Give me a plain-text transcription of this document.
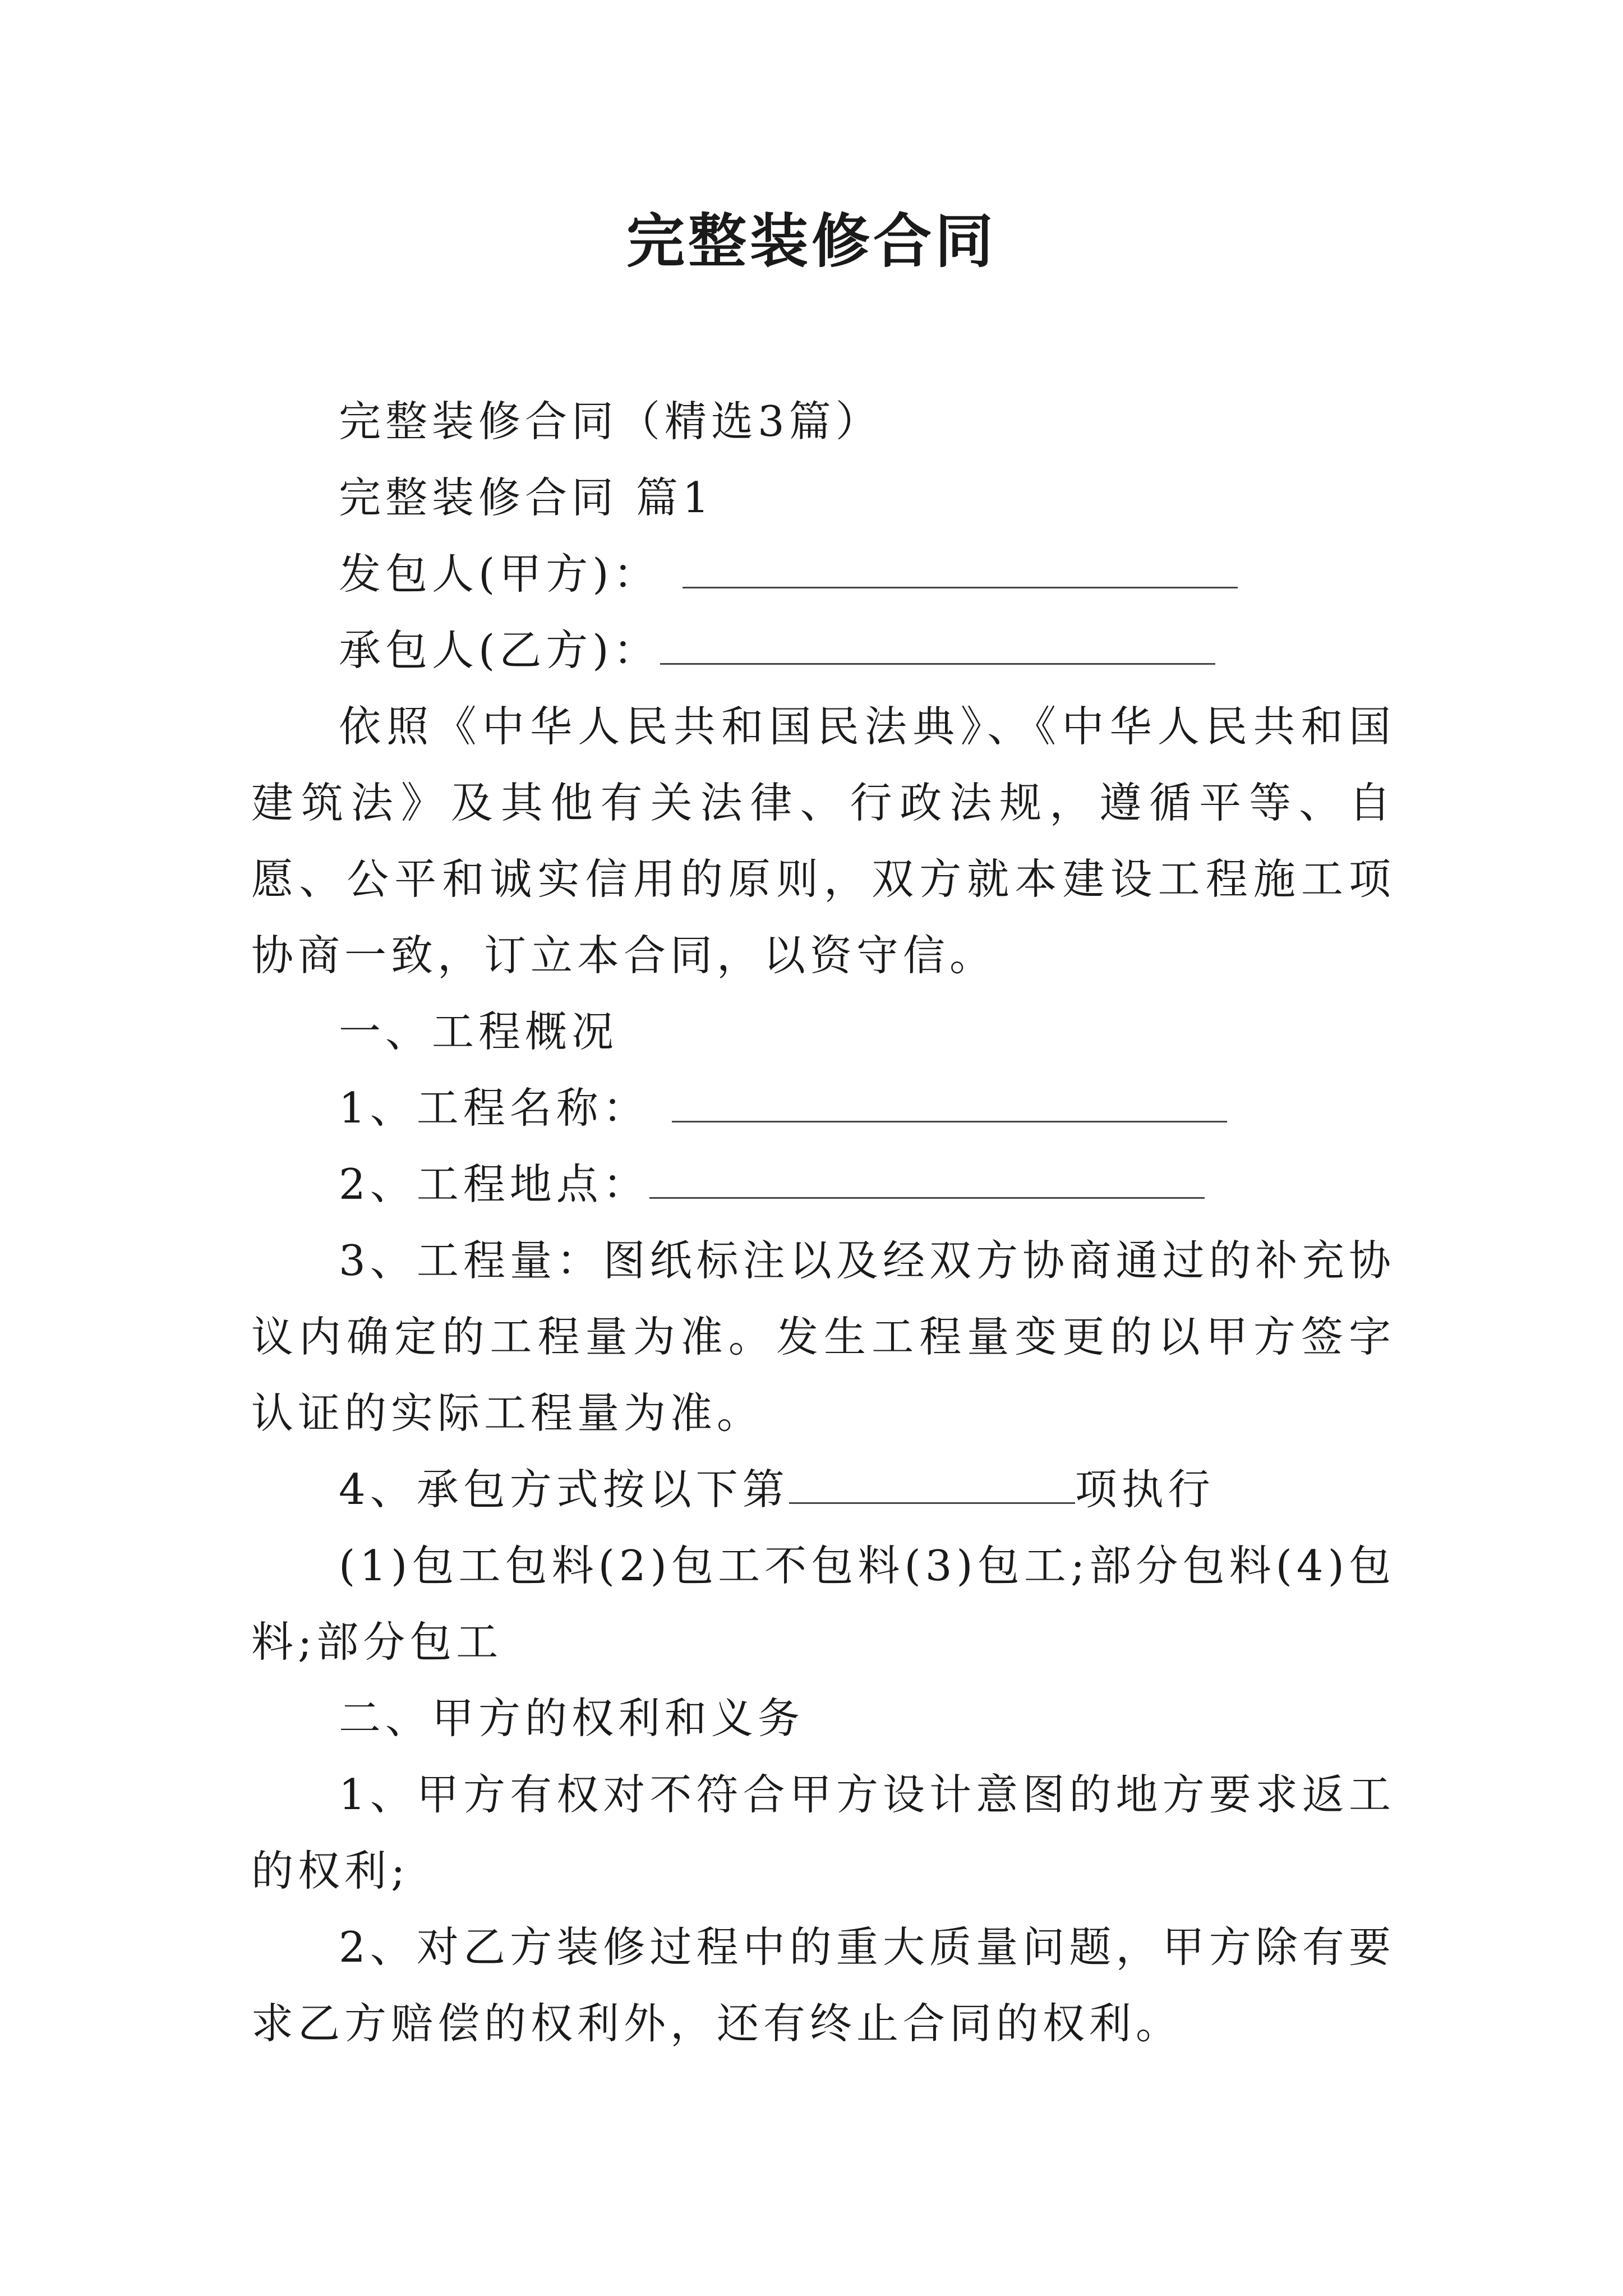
完整装修合同

完整装修合同（精选3篇）

完整装修合同 篇1

发包人(甲方)：

承包人(乙方)：

依照《中华人民共和国民法典》、《中华人民共和国建筑法》及其他有关法律、行政法规，遵循平等、自愿、公平和诚实信用的原则，双方就本建设工程施工项协商一致，订立本合同，以资守信。

一、工程概况

1、工程名称：

2、工程地点：

3、工程量：图纸标注以及经双方协商通过的补充协议内确定的工程量为准。发生工程量变更的以甲方签字认证的实际工程量为准。

4、承包方式按以下第	项执行

(1)包工包料(2)包工不包料(3)包工;部分包料(4)包料;部分包工

二、甲方的权利和义务

1、甲方有权对不符合甲方设计意图的地方要求返工的权利;

2、对乙方装修过程中的重大质量问题，甲方除有要求乙方赔偿的权利外，还有终止合同的权利。
